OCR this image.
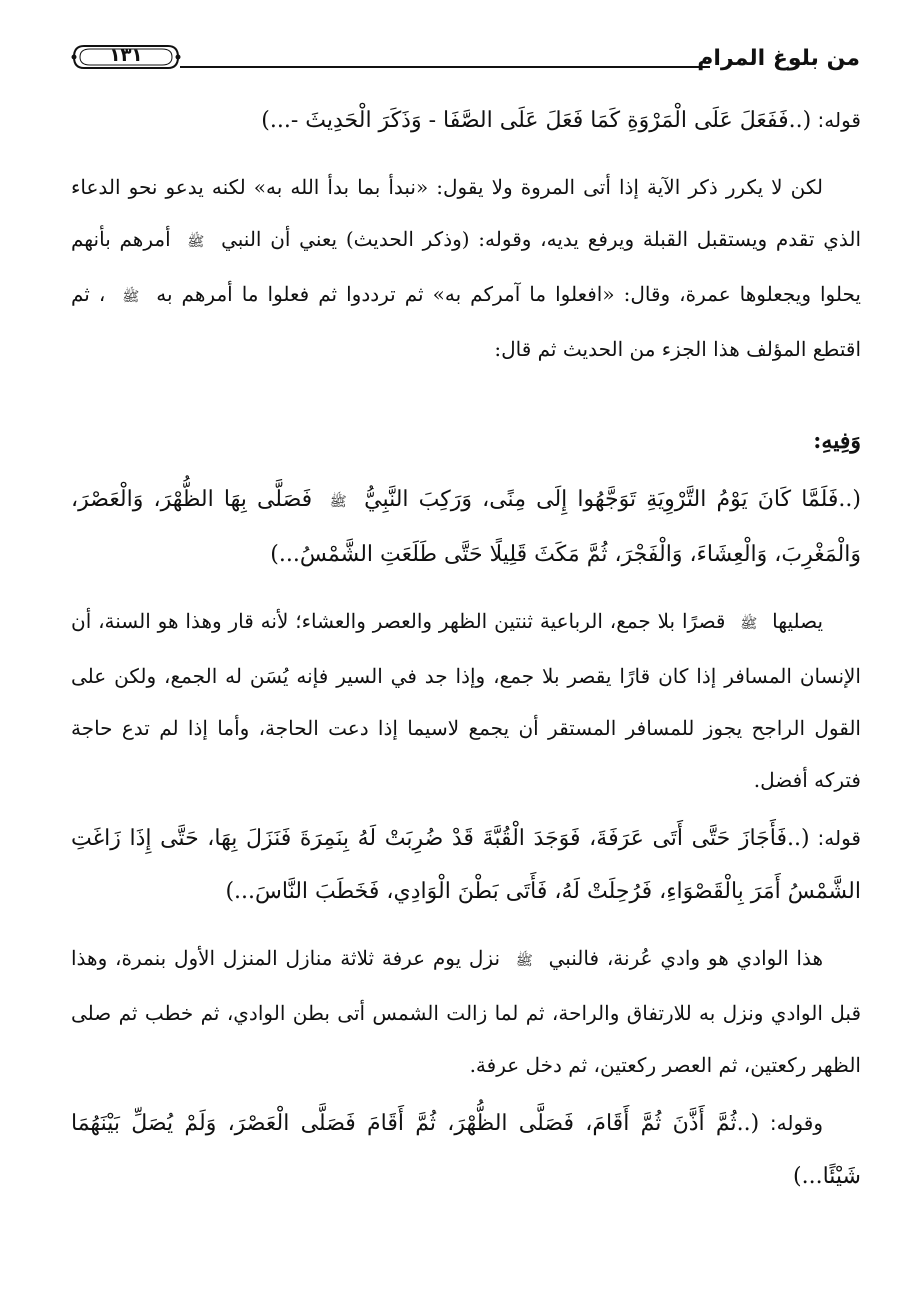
من بلوغ المرام
١٣١

قوله: (..فَفَعَلَ عَلَى الْمَرْوَةِ كَمَا فَعَلَ عَلَى الصَّفَا - وَذَكَرَ الْحَدِيثَ -...)

لكن لا يكرر ذكر الآية إذا أتى المروة ولا يقول: «نبدأ بما بدأ الله به» لكنه يدعو نحو الدعاء الذي تقدم ويستقبل القبلة ويرفع يديه، وقوله: (وذكر الحديث) يعني أن النبي ﷺ أمرهم بأنهم يحلوا ويجعلوها عمرة، وقال: «افعلوا ما آمركم به» ثم ترددوا ثم فعلوا ما أمرهم به ﷺ ، ثم اقتطع المؤلف هذا الجزء من الحديث ثم قال:

وَفِيهِ:

(..فَلَمَّا كَانَ يَوْمُ التَّرْوِيَةِ تَوَجَّهُوا إِلَى مِنًى، وَرَكِبَ النَّبِيُّ ﷺ فَصَلَّى بِهَا الظُّهْرَ، وَالْعَصْرَ، وَالْمَغْرِبَ، وَالْعِشَاءَ، وَالْفَجْرَ، ثُمَّ مَكَثَ قَلِيلًا حَتَّى طَلَعَتِ الشَّمْسُ...)

يصليها ﷺ قصرًا بلا جمع، الرباعية ثنتين الظهر والعصر والعشاء؛ لأنه قار وهذا هو السنة، أن الإنسان المسافر إذا كان قارًا يقصر بلا جمع، وإذا جد في السير فإنه يُسَن له الجمع، ولكن على القول الراجح يجوز للمسافر المستقر أن يجمع لاسيما إذا دعت الحاجة، وأما إذا لم تدع حاجة فتركه أفضل.

قوله: (..فَأَجَازَ حَتَّى أَتَى عَرَفَةَ، فَوَجَدَ الْقُبَّةَ قَدْ ضُرِبَتْ لَهُ بِنَمِرَةَ فَنَزَلَ بِهَا، حَتَّى إِذَا زَاغَتِ الشَّمْسُ أَمَرَ بِالْقَصْوَاءِ، فَرُحِلَتْ لَهُ، فَأَتَى بَطْنَ الْوَادِي، فَخَطَبَ النَّاسَ...)

هذا الوادي هو وادي عُرنة، فالنبي ﷺ نزل يوم عرفة ثلاثة منازل المنزل الأول بنمرة، وهذا قبل الوادي ونزل به للارتفاق والراحة، ثم لما زالت الشمس أتى بطن الوادي، ثم خطب ثم صلى الظهر ركعتين، ثم العصر ركعتين، ثم دخل عرفة.

وقوله: (..ثُمَّ أَذَّنَ ثُمَّ أَقَامَ، فَصَلَّى الظُّهْرَ، ثُمَّ أَقَامَ فَصَلَّى الْعَصْرَ، وَلَمْ يُصَلِّ بَيْنَهُمَا شَيْئًا...)
